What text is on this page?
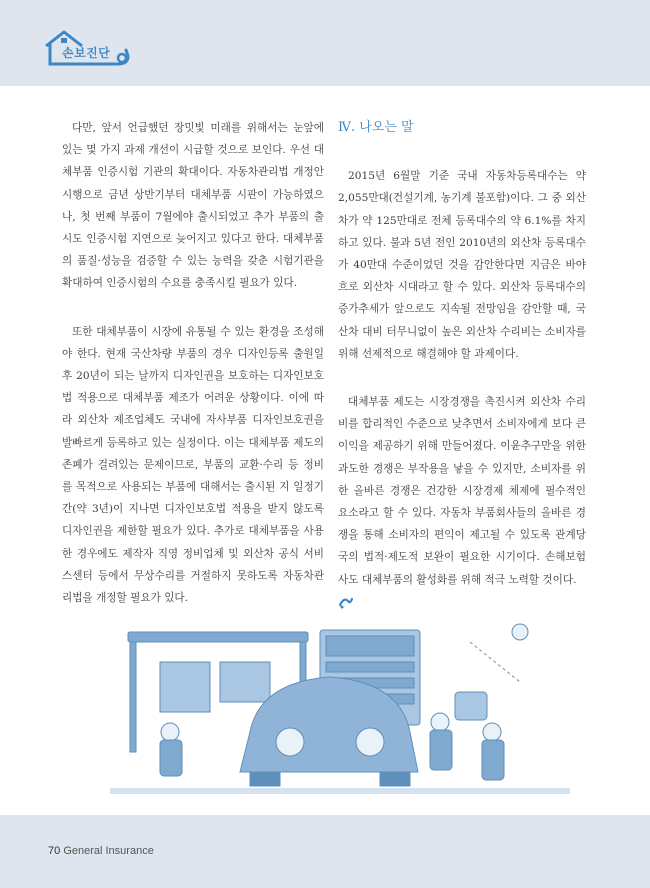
손보진단

다만, 앞서 언급했던 장밋빛 미래를 위해서는 눈앞에 있는 몇 가지 과제 개선이 시급할 것으로 보인다. 우선 대체부품 인증시험 기관의 확대이다. 자동차관리법 개정안 시행으로 금년 상반기부터 대체부품 시판이 가능하였으나, 첫 번째 부품이 7월에야 출시되었고 추가 부품의 출시도 인증시험 지연으로 늦어지고 있다고 한다. 대체부품의 품질·성능을 검증할 수 있는 능력을 갖춘 시험기관을 확대하여 인증시험의 수요를 충족시킬 필요가 있다.

또한 대체부품이 시장에 유통될 수 있는 환경을 조성해야 한다. 현재 국산차량 부품의 경우 디자인등록 출원일 후 20년이 되는 날까지 디자인권을 보호하는 디자인보호법 적용으로 대체부품 제조가 어려운 상황이다. 이에 따라 외산차 제조업체도 국내에 자사부품 디자인보호권을 발빠르게 등록하고 있는 실정이다. 이는 대체부품 제도의 존폐가 걸려있는 문제이므로, 부품의 교환·수리 등 정비를 목적으로 사용되는 부품에 대해서는 출시된 지 일정기간(약 3년)이 지나면 디자인보호법 적용을 받지 않도록 디자인권을 제한할 필요가 있다. 추가로 대체부품을 사용한 경우에도 제작자 직영 정비업체 및 외산차 공식 서비스센터 등에서 무상수리를 거절하지 못하도록 자동차관리법을 개정할 필요가 있다.

Ⅳ. 나오는 말

2015년 6월말 기준 국내 자동차등록대수는 약 2,055만대(건설기계, 농기계 불포함)이다. 그 중 외산차가 약 125만대로 전체 등록대수의 약 6.1%를 차지하고 있다. 불과 5년 전인 2010년의 외산차 등록대수가 40만대 수준이었던 것을 감안한다면 지금은 바야흐로 외산차 시대라고 할 수 있다. 외산차 등록대수의 증가추세가 앞으로도 지속될 전망임을 감안할 때, 국산차 대비 터무니없이 높은 외산차 수리비는 소비자를 위해 선제적으로 해결해야 할 과제이다.

대체부품 제도는 시장경쟁을 촉진시켜 외산차 수리비를 합리적인 수준으로 낮추면서 소비자에게 보다 큰 이익을 제공하기 위해 만들어졌다. 이윤추구만을 위한 과도한 경쟁은 부작용을 낳을 수 있지만, 소비자를 위한 올바른 경쟁은 건강한 시장경제 체제에 필수적인 요소라고 할 수 있다. 자동차 부품회사들의 올바른 경쟁을 통해 소비자의 편익이 제고될 수 있도록 관계당국의 법적·제도적 보완이 필요한 시기이다. 손해보험사도 대체부품의 활성화를 위해 적극 노력할 것이다.

70 General Insurance
